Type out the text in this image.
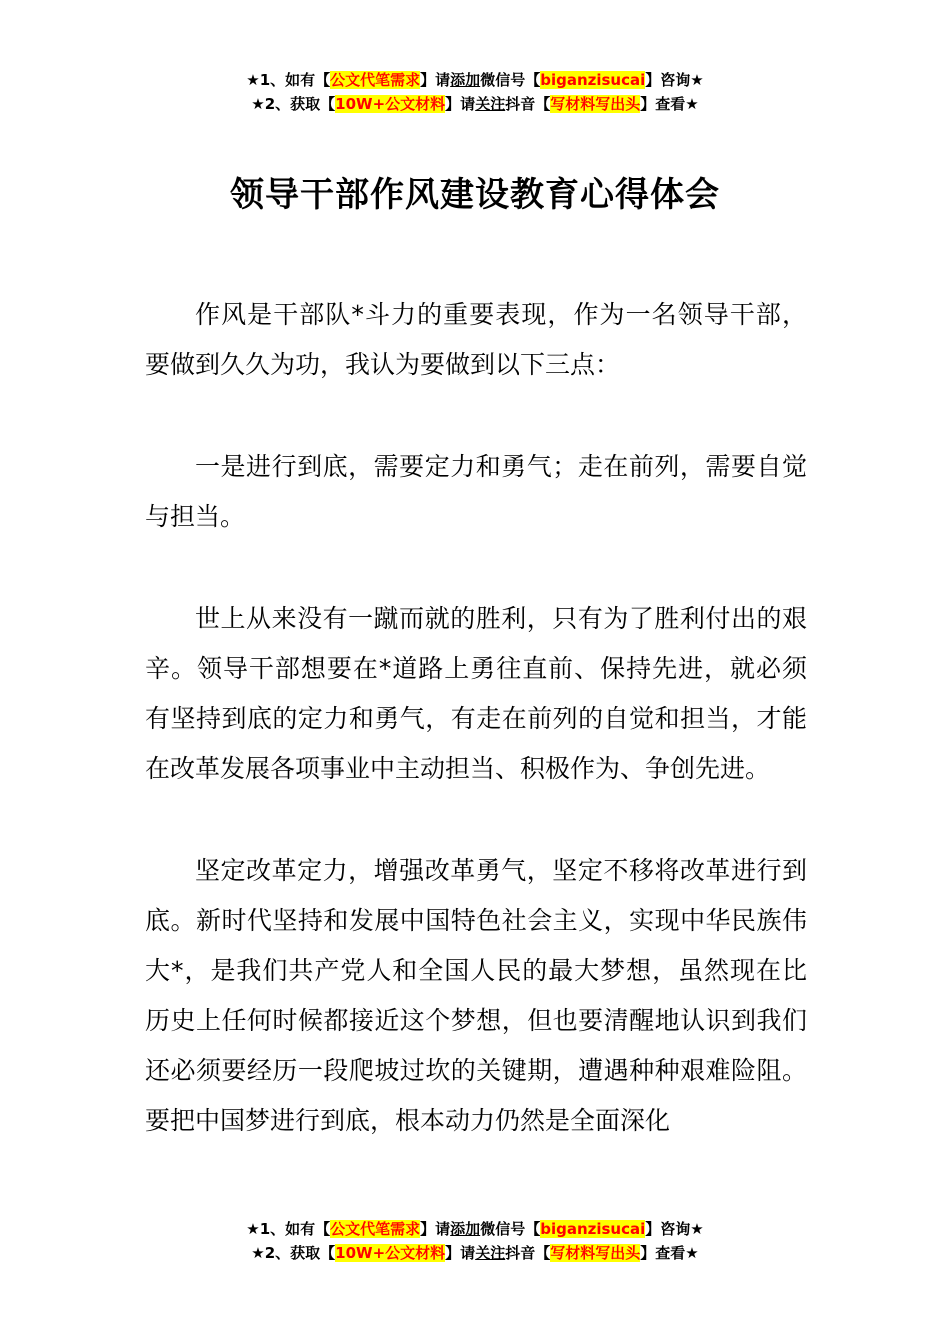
★1、如有【公文代笔需求】请添加微信号【biganzisucai】咨询★
★2、获取【10W+公文材料】请关注抖音【写材料写出头】查看★
领导干部作风建设教育心得体会

作风是干部队*斗力的重要表现，作为一名领导干部，要做到久久为功，我认为要做到以下三点：

一是进行到底，需要定力和勇气；走在前列，需要自觉与担当。

世上从来没有一蹴而就的胜利，只有为了胜利付出的艰辛。领导干部想要在*道路上勇往直前、保持先进，就必须有坚持到底的定力和勇气，有走在前列的自觉和担当，才能在改革发展各项事业中主动担当、积极作为、争创先进。

坚定改革定力，增强改革勇气，坚定不移将改革进行到底。新时代坚持和发展中国特色社会主义，实现中华民族伟大*，是我们共产党人和全国人民的最大梦想，虽然现在比历史上任何时候都接近这个梦想，但也要清醒地认识到我们还必须要经历一段爬坡过坎的关键期，遭遇种种艰难险阻。要把中国梦进行到底，根本动力仍然是全面深化

★1、如有【公文代笔需求】请添加微信号【biganzisucai】咨询★
★2、获取【10W+公文材料】请关注抖音【写材料写出头】查看★
